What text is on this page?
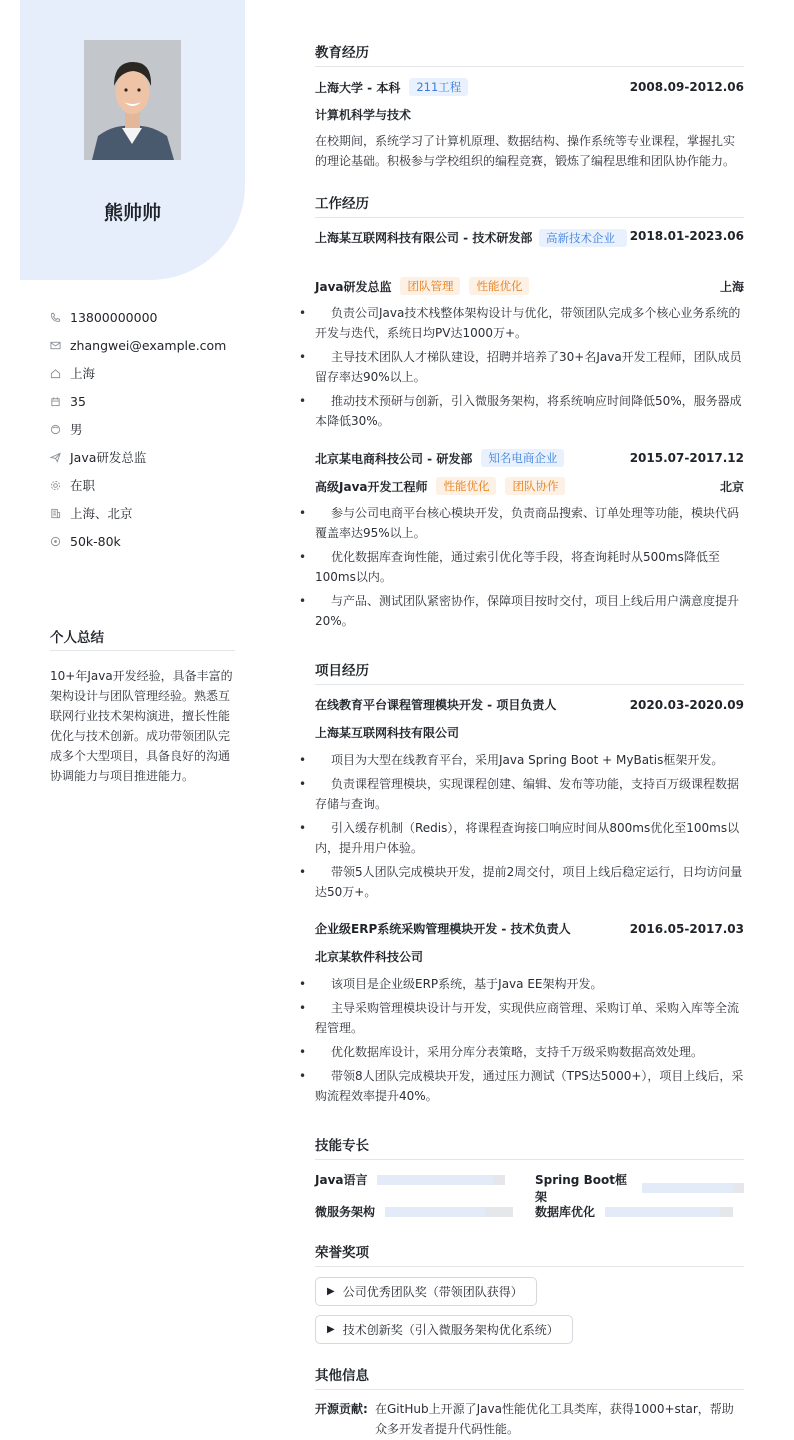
熊帅帅
13800000000
zhangwei@example.com
上海
35
男
Java研发总监
在职
上海、北京
50k-80k
个人总结
10+年Java开发经验，具备丰富的架构设计与团队管理经验。熟悉互联网行业技术架构演进，擅长性能优化与技术创新。成功带领团队完成多个大型项目，具备良好的沟通协调能力与项目推进能力。
教育经历
上海大学 - 本科	211工程	2008.09-2012.06
计算机科学与技术
在校期间，系统学习了计算机原理、数据结构、操作系统等专业课程，掌握扎实的理论基础。积极参与学校组织的编程竞赛，锻炼了编程思维和团队协作能力。
工作经历
上海某互联网科技有限公司 - 技术研发部	高新技术企业	2018.01-2023.06
Java研发总监	团队管理	性能优化	上海
• 负责公司Java技术栈整体架构设计与优化，带领团队完成多个核心业务系统的开发与迭代，系统日均PV达1000万+。
• 主导技术团队人才梯队建设，招聘并培养了30+名Java开发工程师，团队成员留存率达90%以上。
• 推动技术预研与创新，引入微服务架构，将系统响应时间降低50%，服务器成本降低30%。
北京某电商科技公司 - 研发部	知名电商企业	2015.07-2017.12
高级Java开发工程师	性能优化	团队协作	北京
• 参与公司电商平台核心模块开发，负责商品搜索、订单处理等功能，模块代码覆盖率达95%以上。
• 优化数据库查询性能，通过索引优化等手段，将查询耗时从500ms降低至100ms以内。
• 与产品、测试团队紧密协作，保障项目按时交付，项目上线后用户满意度提升20%。
项目经历
在线教育平台课程管理模块开发 - 项目负责人	2020.03-2020.09
上海某互联网科技有限公司
• 项目为大型在线教育平台，采用Java Spring Boot + MyBatis框架开发。
• 负责课程管理模块，实现课程创建、编辑、发布等功能，支持百万级课程数据存储与查询。
• 引入缓存机制（Redis），将课程查询接口响应时间从800ms优化至100ms以内，提升用户体验。
• 带领5人团队完成模块开发，提前2周交付，项目上线后稳定运行，日均访问量达50万+。
企业级ERP系统采购管理模块开发 - 技术负责人	2016.05-2017.03
北京某软件科技公司
• 该项目是企业级ERP系统，基于Java EE架构开发。
• 主导采购管理模块设计与开发，实现供应商管理、采购订单、采购入库等全流程管理。
• 优化数据库设计，采用分库分表策略，支持千万级采购数据高效处理。
• 带领8人团队完成模块开发，通过压力测试（TPS达5000+），项目上线后，采购流程效率提升40%。
技能专长
Java语言	Spring Boot框架
微服务架构	数据库优化
荣誉奖项
▶ 公司优秀团队奖（带领团队获得）
▶ 技术创新奖（引入微服务架构优化系统）
其他信息
开源贡献: 在GitHub上开源了Java性能优化工具类库，获得1000+star，帮助众多开发者提升代码性能。
